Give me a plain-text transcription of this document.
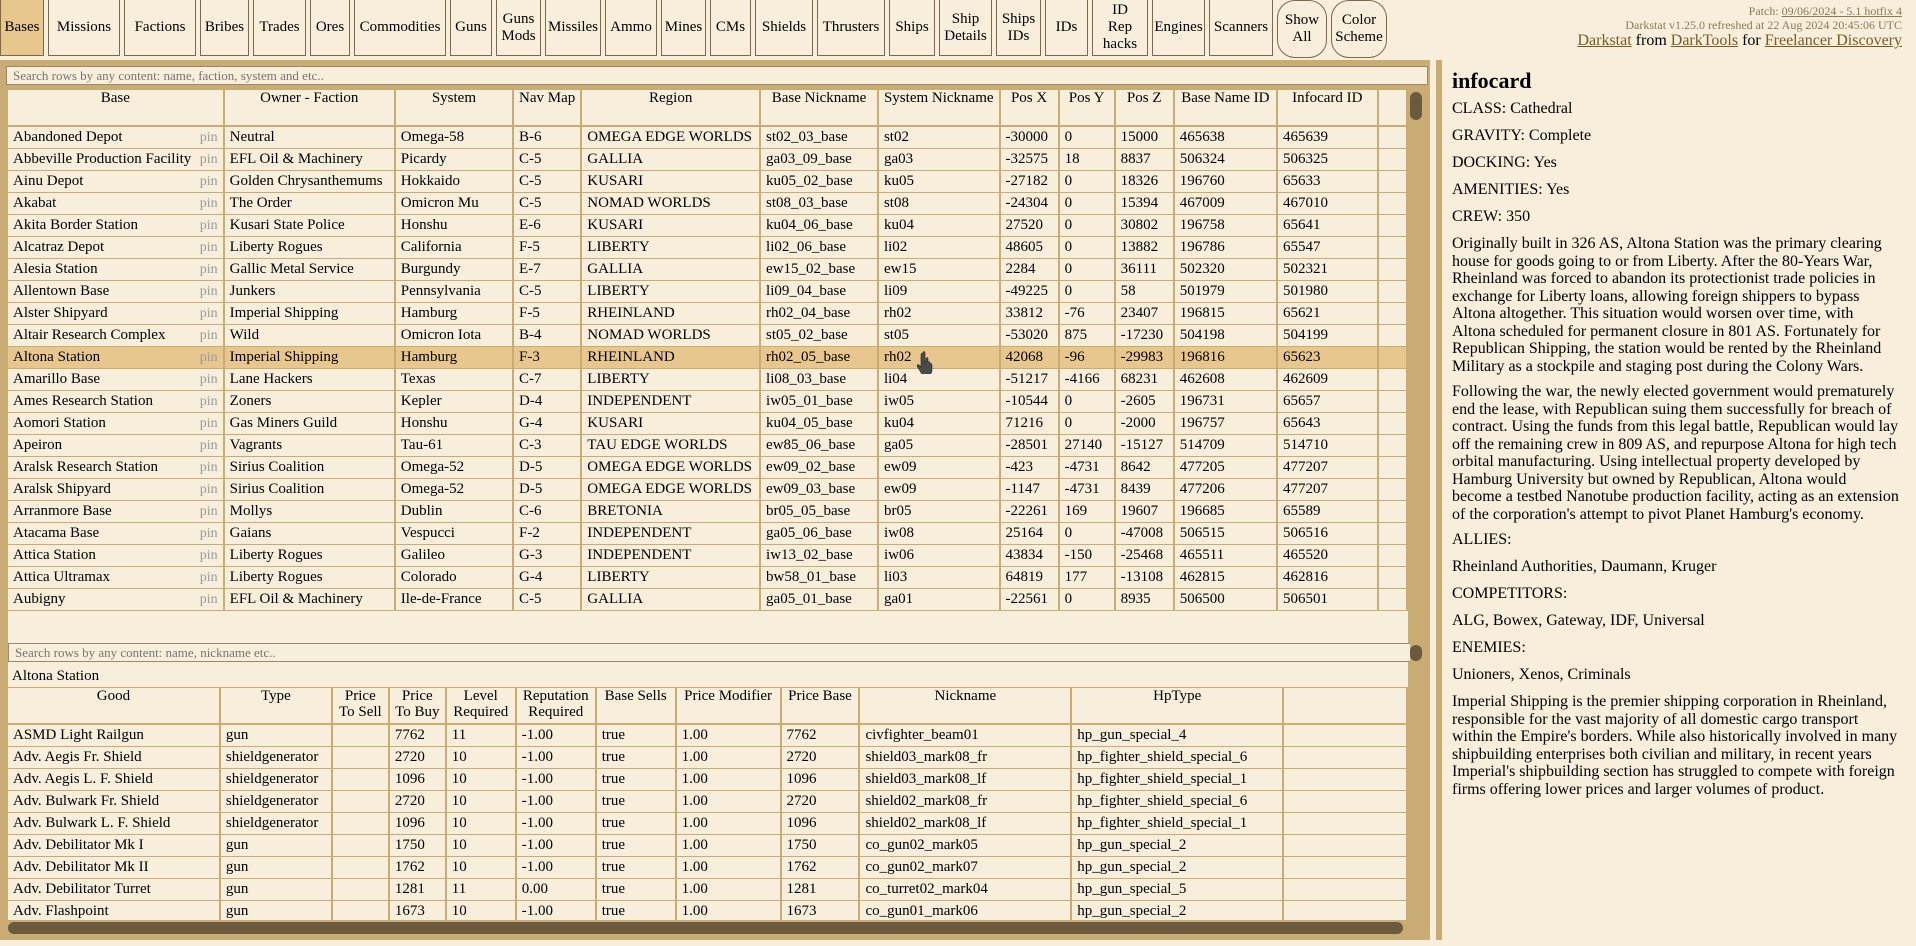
Bases	Missions	Factions	Bribes	Trades	Ores	Commodities Guns
Guns Mods
Missiles Ammo Mines CMs	Shields	Thrusters	Ships
Ship Details
Ships IDs
IDs
ID Rep hacks
Engines Scanners	Show All
Color Scheme
Patch: 09/06/2024 - 5.1 hotfix 4
Darkstat v1.25.0 refreshed at 22 Aug 2024 20:45:06 UTC
Darkstat from DarkTools for Freelancer Discovery
Search rows by any content: name, faction, system and etc..
Base	Owner - Faction	System	Nav Map	Region	Base Nickname	System Nickname	Pos X	Pos Y	Pos Z	Base Name ID	Infocard ID	
Abandoned Depot pin	Neutral	Omega-58	B-6	OMEGA EDGE WORLDS	st02_03_base	st02	-30000	0	15000	465638	465639	
Abbeville Production Facility pin	EFL Oil & Machinery	Picardy	C-5	GALLIA	ga03_09_base	ga03	-32575	18	8837	506324	506325	
Ainu Depot pin	Golden Chrysanthemums	Hokkaido	C-5	KUSARI	ku05_02_base	ku05	-27182	0	18326	196760	65633	
Akabat pin	The Order	Omicron Mu	C-5	NOMAD WORLDS	st08_03_base	st08	-24304	0	15394	467009	467010	
Akita Border Station pin	Kusari State Police	Honshu	E-6	KUSARI	ku04_06_base	ku04	27520	0	30802	196758	65641	
Alcatraz Depot pin	Liberty Rogues	California	F-5	LIBERTY	li02_06_base	li02	48605	0	13882	196786	65547	
Alesia Station pin	Gallic Metal Service	Burgundy	E-7	GALLIA	ew15_02_base	ew15	2284	0	36111	502320	502321	
Allentown Base pin	Junkers	Pennsylvania	C-5	LIBERTY	li09_04_base	li09	-49225	0	58	501979	501980	
Alster Shipyard pin	Imperial Shipping	Hamburg	F-5	RHEINLAND	rh02_04_base	rh02	33812	-76	23407	196815	65621	
Altair Research Complex pin	Wild	Omicron Iota	B-4	NOMAD WORLDS	st05_02_base	st05	-53020	875	-17230	504198	504199	
Altona Station pin	Imperial Shipping	Hamburg	F-3	RHEINLAND	rh02_05_base	rh02	42068	-96	-29983	196816	65623	
Amarillo Base pin	Lane Hackers	Texas	C-7	LIBERTY	li08_03_base	li04	-51217	-4166	68231	462608	462609	
Ames Research Station pin	Zoners	Kepler	D-4	INDEPENDENT	iw05_01_base	iw05	-10544	0	-2605	196731	65657	
Aomori Station pin	Gas Miners Guild	Honshu	G-4	KUSARI	ku04_05_base	ku04	71216	0	-2000	196757	65643	
Apeiron pin	Vagrants	Tau-61	C-3	TAU EDGE WORLDS	ew85_06_base	ga05	-28501	27140	-15127	514709	514710	
Aralsk Research Station pin	Sirius Coalition	Omega-52	D-5	OMEGA EDGE WORLDS	ew09_02_base	ew09	-423	-4731	8642	477205	477207	
Aralsk Shipyard pin	Sirius Coalition	Omega-52	D-5	OMEGA EDGE WORLDS	ew09_03_base	ew09	-1147	-4731	8439	477206	477207	
Arranmore Base pin	Mollys	Dublin	C-6	BRETONIA	br05_05_base	br05	-22261	169	19607	196685	65589	
Atacama Base pin	Gaians	Vespucci	F-2	INDEPENDENT	ga05_06_base	iw08	25164	0	-47008	506515	506516	
Attica Station pin	Liberty Rogues	Galileo	G-3	INDEPENDENT	iw13_02_base	iw06	43834	-150	-25468	465511	465520	
Attica Ultramax pin	Liberty Rogues	Colorado	G-4	LIBERTY	bw58_01_base	li03	64819	177	-13108	462815	462816	
Aubigny pin	EFL Oil & Machinery	Ile-de-France	C-5	GALLIA	ga05_01_base	ga01	-22561	0	8935	506500	506501	
Search rows by any content: name, nickname etc..
Altona Station
Good	Type	Price To Sell	Price To Buy	Level Required	Reputation Required	Base Sells	Price Modifier	Price Base	Nickname	HpType	
ASMD Light Railgun	gun		7762	11	-1.00	true	1.00	7762	civfighter_beam01	hp_gun_special_4	
Adv. Aegis Fr. Shield	shieldgenerator		2720	10	-1.00	true	1.00	2720	shield03_mark08_fr	hp_fighter_shield_special_6	
Adv. Aegis L. F. Shield	shieldgenerator		1096	10	-1.00	true	1.00	1096	shield03_mark08_lf	hp_fighter_shield_special_1	
Adv. Bulwark Fr. Shield	shieldgenerator		2720	10	-1.00	true	1.00	2720	shield02_mark08_fr	hp_fighter_shield_special_6	
Adv. Bulwark L. F. Shield	shieldgenerator		1096	10	-1.00	true	1.00	1096	shield02_mark08_lf	hp_fighter_shield_special_1	
Adv. Debilitator Mk I	gun		1750	10	-1.00	true	1.00	1750	co_gun02_mark05	hp_gun_special_2	
Adv. Debilitator Mk II	gun		1762	10	-1.00	true	1.00	1762	co_gun02_mark07	hp_gun_special_2	
Adv. Debilitator Turret	gun		1281	11	0.00	true	1.00	1281	co_turret02_mark04	hp_gun_special_5	
Adv. Flashpoint	gun		1673	10	-1.00	true	1.00	1673	co_gun01_mark06	hp_gun_special_2	
infocard
CLASS: Cathedral
GRAVITY: Complete
DOCKING: Yes
AMENITIES: Yes
CREW: 350

Originally built in 326 AS, Altona Station was the primary clearing house for goods going to or from Liberty. After the 80-Years War, Rheinland was forced to abandon its protectionist trade policies in exchange for Liberty loans, allowing foreign shippers to bypass Altona altogether. This situation would worsen over time, with Altona scheduled for permanent closure in 801 AS. Fortunately for Republican Shipping, the station would be rented by the Rheinland Military as a stockpile and staging post during the Colony Wars.

Following the war, the newly elected government would prematurely end the lease, with Republican suing them successfully for breach of contract. Using the funds from this legal battle, Republican would lay off the remaining crew in 809 AS, and repurpose Altona for high tech orbital manufacturing. Using intellectual property developed by Hamburg University but owned by Republican, Altona would become a testbed Nanotube production facility, acting as an extension of the corporation's attempt to pivot Planet Hamburg's economy.

ALLIES:
Rheinland Authorities, Daumann, Kruger
COMPETITORS:
ALG, Bowex, Gateway, IDF, Universal
ENEMIES:
Unioners, Xenos, Criminals

Imperial Shipping is the premier shipping corporation in Rheinland, responsible for the vast majority of all domestic cargo transport within the Empire's borders. While also historically involved in many shipbuilding enterprises both civilian and military, in recent years Imperial's shipbuilding section has struggled to compete with foreign firms offering lower prices and larger volumes of product.
